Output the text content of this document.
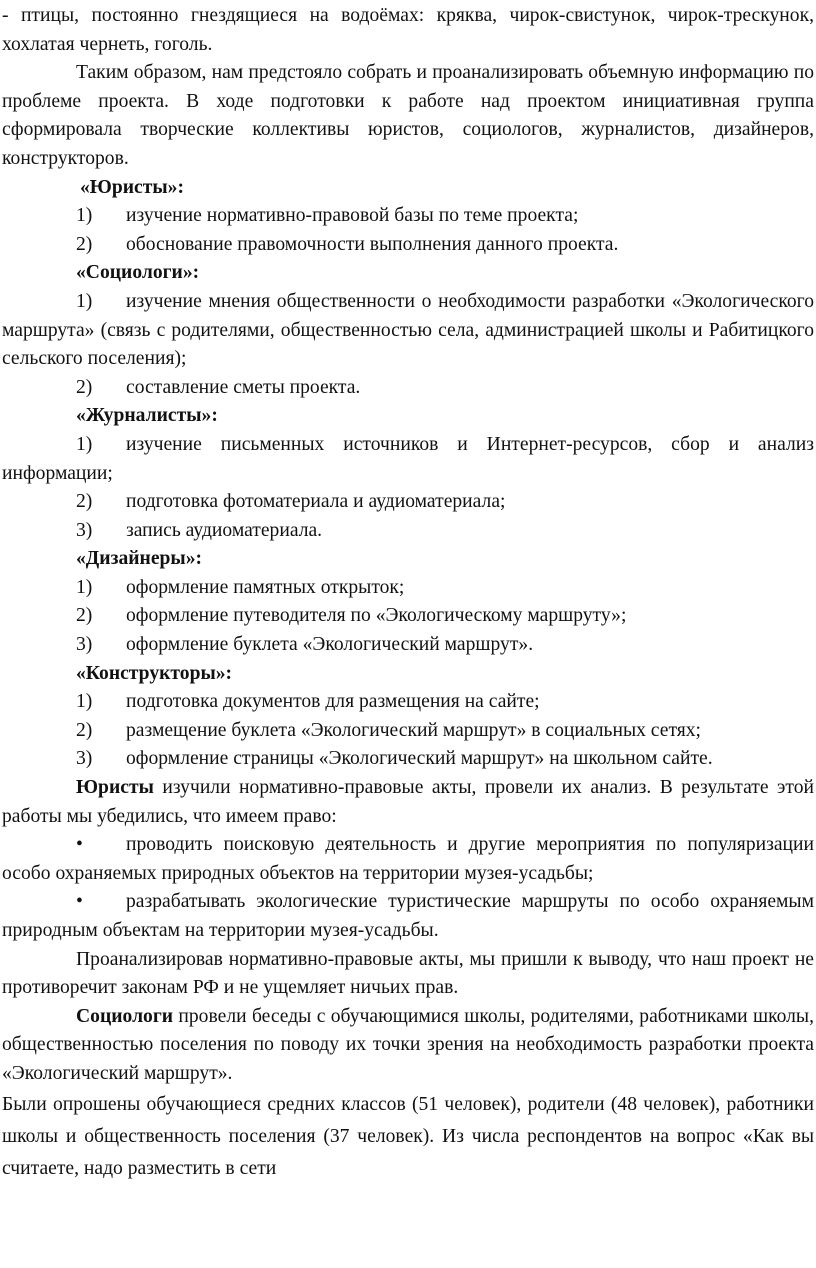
- птицы, постоянно гнездящиеся на водоёмах: кряква, чирок-свистунок, чирок-трескунок, хохлатая чернеть, гоголь.

Таким образом, нам предстояло собрать и проанализировать объемную информацию по проблеме проекта. В ходе подготовки к работе над проектом инициативная группа сформировала творческие коллективы юристов, социологов, журналистов, дизайнеров, конструкторов.

«Юристы»:

1) изучение нормативно-правовой базы по теме проекта;

2) обоснование правомочности выполнения данного проекта.

«Социологи»:

1) изучение мнения общественности о необходимости разработки «Экологического маршрута» (связь с родителями, общественностью села, администрацией школы и Рабитицкого сельского поселения);

2) составление сметы проекта.

«Журналисты»:

1) изучение письменных источников и Интернет-ресурсов, сбор и анализ информации;

2) подготовка фотоматериала и аудиоматериала;

3) запись аудиоматериала.

«Дизайнеры»:

1) оформление памятных открыток;

2) оформление путеводителя по «Экологическому маршруту»;

3) оформление буклета «Экологический маршрут».

«Конструкторы»:

1) подготовка документов для размещения на сайте;

2) размещение буклета «Экологический маршрут» в социальных сетях;

3) оформление страницы «Экологический маршрут» на школьном сайте.

Юристы изучили нормативно-правовые акты, провели их анализ. В результате этой работы мы убедились, что имеем право:

• проводить поисковую деятельность и другие мероприятия по популяризации особо охраняемых природных объектов на территории музея-усадьбы;

• разрабатывать экологические туристические маршруты по особо охраняемым природным объектам на территории музея-усадьбы.

Проанализировав нормативно-правовые акты, мы пришли к выводу, что наш проект не противоречит законам РФ и не ущемляет ничьих прав.

Социологи провели беседы с обучающимися школы, родителями, работниками школы, общественностью поселения по поводу их точки зрения на необходимость разработки проекта «Экологический маршрут».

Были опрошены обучающиеся средних классов (51 человек), родители (48 человек), работники школы и общественность поселения (37 человек). Из числа респондентов на вопрос «Как вы считаете, надо разместить в сети
